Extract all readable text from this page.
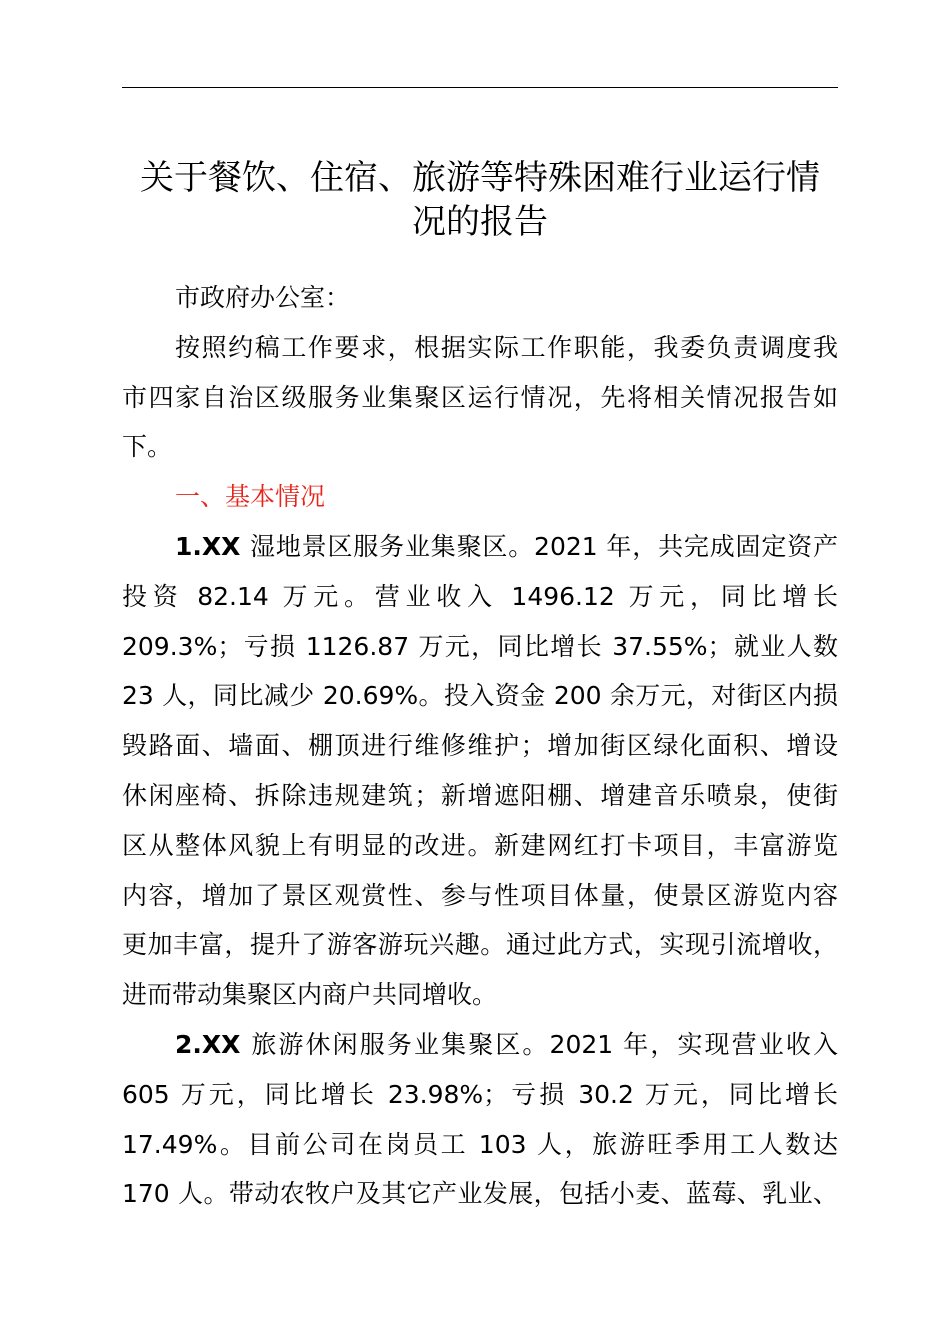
关于餐饮、住宿、旅游等特殊困难行业运行情
况的报告
市政府办公室：
按照约稿工作要求，根据实际工作职能，我委负责调度我
市四家自治区级服务业集聚区运行情况，先将相关情况报告如
下。
一、基本情况
1.XX 湿地景区服务业集聚区。2021 年，共完成固定资产
投资 82.14 万元。营业收入 1496.12 万元，同比增长
209.3%；亏损 1126.87 万元，同比增长 37.55%；就业人数
23 人，同比减少 20.69%。投入资金 200 余万元，对街区内损
毁路面、墙面、棚顶进行维修维护；增加街区绿化面积、增设
休闲座椅、拆除违规建筑；新增遮阳棚、增建音乐喷泉，使街
区从整体风貌上有明显的改进。新建网红打卡项目，丰富游览
内容，增加了景区观赏性、参与性项目体量，使景区游览内容
更加丰富，提升了游客游玩兴趣。通过此方式，实现引流增收，
进而带动集聚区内商户共同增收。
2.XX 旅游休闲服务业集聚区。2021 年，实现营业收入
605 万元，同比增长 23.98%；亏损 30.2 万元，同比增长
17.49%。目前公司在岗员工 103 人，旅游旺季用工人数达
170 人。带动农牧户及其它产业发展，包括小麦、蓝莓、乳业、
